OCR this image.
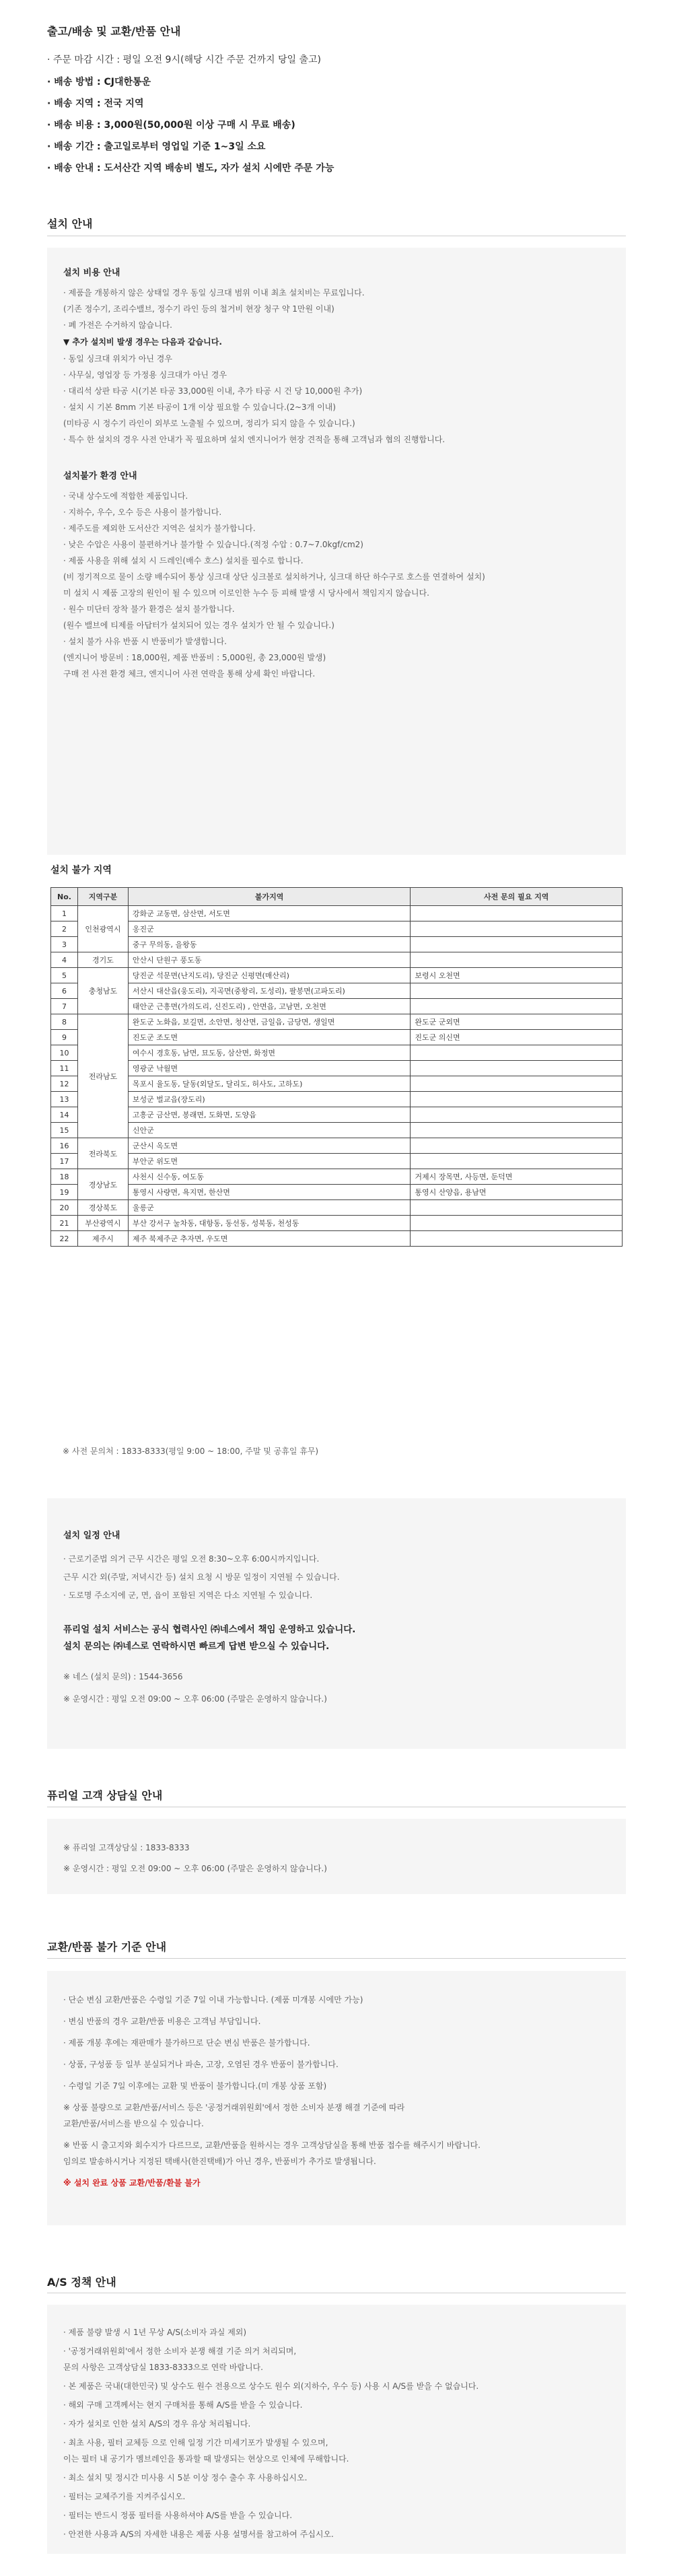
출고/배송 및 교환/반품 안내
· 주문 마감 시간 : 평일 오전 9시(해당 시간 주문 건까지 당일 출고)
· 배송 방법 : CJ대한통운
· 배송 지역 : 전국 지역
· 배송 비용 : 3,000원(50,000원 이상 구매 시 무료 배송)
· 배송 기간 : 출고일로부터 영업일 기준 1~3일 소요
· 배송 안내 : 도서산간 지역 배송비 별도, 자가 설치 시에만 주문 가능
설치 안내
설치 비용 안내
· 제품을 개봉하지 않은 상태일 경우 동일 싱크대 범위 이내 최초 설치비는 무료입니다.
(기존 정수기, 조리수밸브, 정수기 라인 등의 철거비 현장 청구 약 1만원 이내)
· 폐 가전은 수거하지 않습니다.
▼ 추가 설치비 발생 경우는 다음과 같습니다.
· 동일 싱크대 위치가 아닌 경우
· 사무실, 영업장 등 가정용 싱크대가 아닌 경우
· 대리석 상판 타공 시(기본 타공 33,000원 이내, 추가 타공 시 건 당 10,000원 추가)
· 설치 시 기본 8mm 기본 타공이 1개 이상 필요할 수 있습니다.(2~3개 이내)
(미타공 시 정수기 라인이 외부로 노출될 수 있으며, 정리가 되지 않을 수 있습니다.)
· 특수 한 설치의 경우 사전 안내가 꼭 필요하며 설치 엔지니어가 현장 견적을 통해 고객님과 협의 진행합니다.
설치불가 환경 안내
· 국내 상수도에 적합한 제품입니다.
· 지하수, 우수, 오수 등은 사용이 불가합니다.
· 제주도를 제외한 도서산간 지역은 설치가 불가합니다.
· 낮은 수압은 사용이 불편하거나 불가할 수 있습니다.(적정 수압 : 0.7~7.0kgf/cm2)
· 제품 사용을 위해 설치 시 드레인(배수 호스) 설치를 필수로 합니다.
(비 정기적으로 물이 소량 배수되어 통상 싱크대 상단 싱크볼로 설치하거나, 싱크대 하단 하수구로 호스를 연결하여 설치)
미 설치 시 제품 고장의 원인이 될 수 있으며 이로인한 누수 등 피해 발생 시 당사에서 책임지지 않습니다.
· 원수 미단터 장착 불가 환경은 설치 불가합니다.
(원수 밸브에 티제를 아답터가 설치되어 있는 경우 설치가 안 될 수 있습니다.)
· 설치 불가 사유 반품 시 반품비가 발생합니다.
(엔지니어 방문비 : 18,000원, 제품 반품비 : 5,000원, 총 23,000원 발생)
구매 전 사전 환경 체크, 엔지니어 사전 연락을 통해 상세 확인 바랍니다.
설치 불가 지역
No.	지역구분	불가지역	사전 문의 필요 지역
1	인천광역시	강화군 교동면, 삼산면, 서도면	
2		옹진군	
3		중구 무의동, 을왕동	
4	경기도	안산시 단원구 풍도동	
5	충청남도	당진군 석문면(난지도리), 당진군 신평면(매산리)	보령시 오천면
6		서산시 대산읍(웅도리), 지곡면(중왕리, 도성리), 팔봉면(고파도리)	
7		태안군 근흥면(가의도리, 신진도리) , 안면읍, 고남면, 오천면	
8	전라남도	완도군 노화읍, 보길면, 소안면, 청산면, 금일읍, 금당면, 생일면	완도군 군외면
9		진도군 조도면	진도군 의신면
10		여수시 경호동, 남면, 묘도동, 삼산면, 화정면	
11		영광군 낙월면	
12		목포시 율도동, 달동(외달도, 달리도, 허사도, 고하도)	
13		보성군 벌교읍(장도리)	
14		고흥군 금산면, 봉래면, 도화면, 도양읍	
15		신안군	
16	전라북도	군산시 옥도면	
17		부안군 위도면	
18	경상남도	사천시 신수동, 여도동	거제시 장목면, 사등면, 둔덕면
19		통영시 사량면, 욕지면, 한산면	통영시 산양읍, 용남면
20	경상북도	울릉군	
21	부산광역시	부산 강서구 눌차동, 대항동, 동선동, 성북동, 천성동	
22	제주시	제주 북제주군 추자면, 우도면	
※ 사전 문의처 : 1833-8333(평일 9:00 ~ 18:00, 주말 및 공휴일 휴무)
설치 일정 안내
· 근로기준법 의거 근무 시간은 평일 오전 8:30~오후 6:00시까지입니다.
근무 시간 외(주말, 저녁시간 등) 설치 요청 시 방문 일정이 지연될 수 있습니다.
· 도로명 주소지에 군, 면, 읍이 포함된 지역은 다소 지연될 수 있습니다.
퓨리얼 설치 서비스는 공식 협력사인 ㈜네스에서 책임 운영하고 있습니다.
설치 문의는 ㈜네스로 연락하시면 빠르게 답변 받으실 수 있습니다.
※ 네스 (설치 문의) : 1544-3656
※ 운영시간 : 평일 오전 09:00 ~ 오후 06:00 (주말은 운영하지 않습니다.)
퓨리얼 고객 상담실 안내
※ 퓨리얼 고객상담실 : 1833-8333
※ 운영시간 : 평일 오전 09:00 ~ 오후 06:00 (주말은 운영하지 않습니다.)
교환/반품 불가 기준 안내
· 단순 변심 교환/반품은 수령일 기준 7일 이내 가능합니다. (제품 미개봉 시에만 가능)
· 변심 반품의 경우 교환/반품 비용은 고객님 부담입니다.
· 제품 개봉 후에는 재판매가 불가하므로 단순 변심 반품은 불가합니다.
· 상품, 구성품 등 일부 분실되거나 파손, 고장, 오염된 경우 반품이 불가합니다.
· 수령일 기준 7일 이후에는 교환 및 반품이 불가합니다.(미 개봉 상품 포함)
※ 상품 불량으로 교환/반품/서비스 등은 '공정거래위원회'에서 정한 소비자 분쟁 해결 기준에 따라
교환/반품/서비스를 받으실 수 있습니다.
※ 반품 시 출고지와 회수지가 다르므로, 교환/반품을 원하시는 경우 고객상담실을 통해 반품 접수를 해주시기 바랍니다.
임의로 발송하시거나 지정된 택배사(한진택배)가 아닌 경우, 반품비가 추가로 발생됩니다.
※ 설치 완료 상품 교환/반품/환불 불가
A/S 정책 안내
· 제품 불량 발생 시 1년 무상 A/S(소비자 과실 제외)
· '공정거래위원회'에서 정한 소비자 분쟁 해결 기준 의거 처리되며,
문의 사항은 고객상담실 1833-8333으로 연락 바랍니다.
· 본 제품은 국내(대한민국) 및 상수도 원수 전용으로 상수도 원수 외(지하수, 우수 등) 사용 시 A/S를 받을 수 없습니다.
· 해외 구매 고객께서는 현지 구매처를 통해 A/S를 받을 수 있습니다.
· 자가 설치로 인한 설치 A/S의 경우 유상 처리됩니다.
· 최초 사용, 필터 교체등 으로 인해 일정 기간 미세기포가 발생될 수 있으며,
이는 필터 내 공기가 멤브레인을 통과할 때 발생되는 현상으로 인체에 무해합니다.
· 최소 설치 및 정시간 미사용 시 5분 이상 정수 출수 후 사용하십시오.
· 필터는 교체주기를 지켜주십시오.
· 필터는 반드시 정품 필터를 사용하셔야 A/S를 받을 수 있습니다.
· 안전한 사용과 A/S의 자세한 내용은 제품 사용 설명서를 참고하여 주십시오.
